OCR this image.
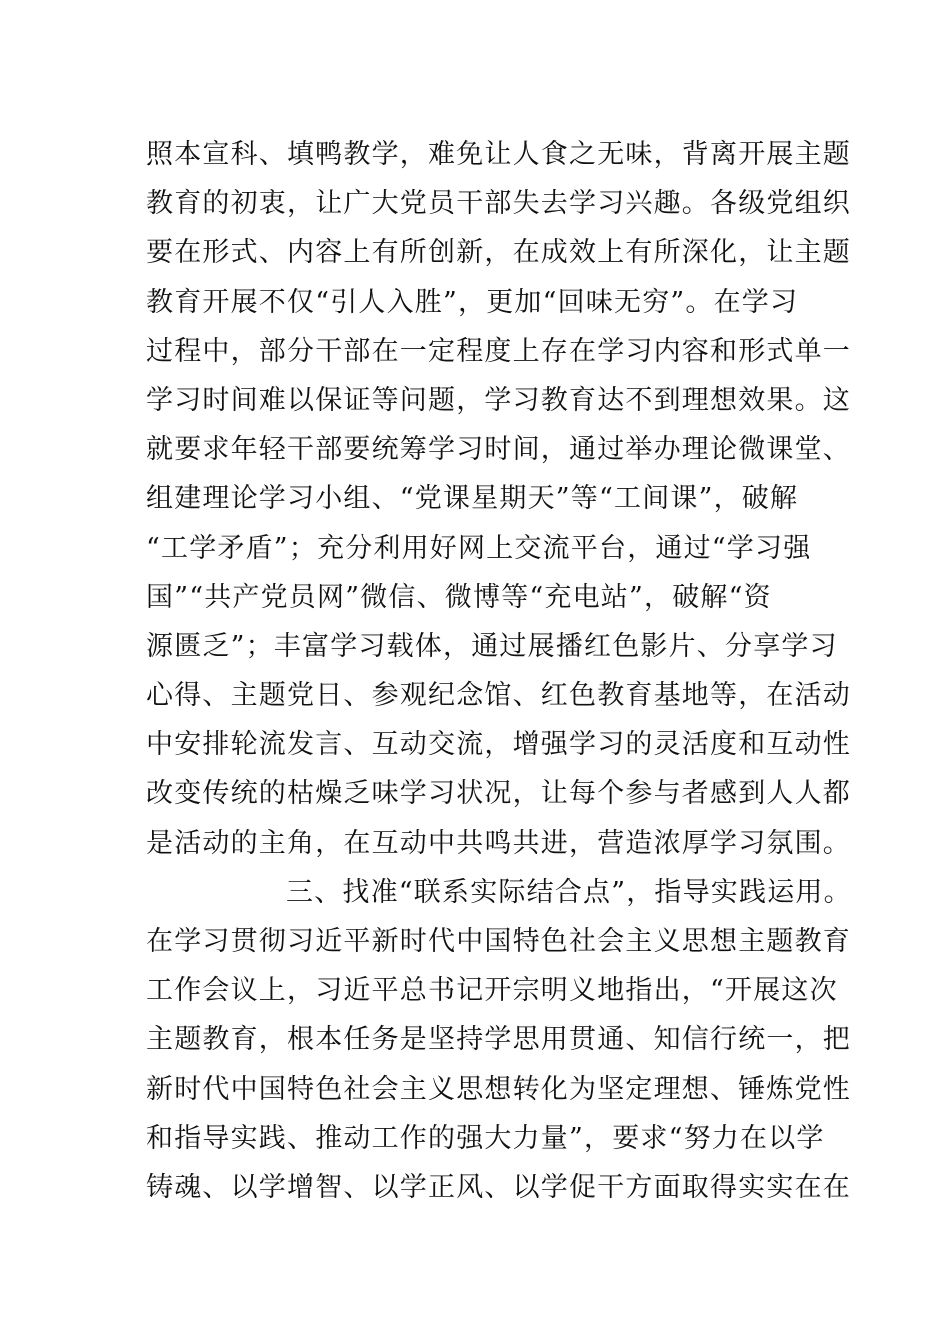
照本宣科、填鸭教学，难免让人食之无味，背离开展主题
教育的初衷，让广大党员干部失去学习兴趣。各级党组织
要在形式、内容上有所创新，在成效上有所深化，让主题
教育开展不仅“引人入胜”，更加“回味无穷”。在学习
过程中，部分干部在一定程度上存在学习内容和形式单一
学习时间难以保证等问题，学习教育达不到理想效果。这
就要求年轻干部要统筹学习时间，通过举办理论微课堂、
组建理论学习小组、“党课星期天”等“工间课”，破解
“工学矛盾”；充分利用好网上交流平台，通过“学习强
国”“共产党员网”微信、微博等“充电站”，破解“资
源匮乏”；丰富学习载体，通过展播红色影片、分享学习
心得、主题党日、参观纪念馆、红色教育基地等，在活动
中安排轮流发言、互动交流，增强学习的灵活度和互动性
改变传统的枯燥乏味学习状况，让每个参与者感到人人都
是活动的主角，在互动中共鸣共进，营造浓厚学习氛围。
三、找准“联系实际结合点”，指导实践运用。
在学习贯彻习近平新时代中国特色社会主义思想主题教育
工作会议上，习近平总书记开宗明义地指出，“开展这次
主题教育，根本任务是坚持学思用贯通、知信行统一，把
新时代中国特色社会主义思想转化为坚定理想、锤炼党性
和指导实践、推动工作的强大力量”，要求“努力在以学
铸魂、以学增智、以学正风、以学促干方面取得实实在在
